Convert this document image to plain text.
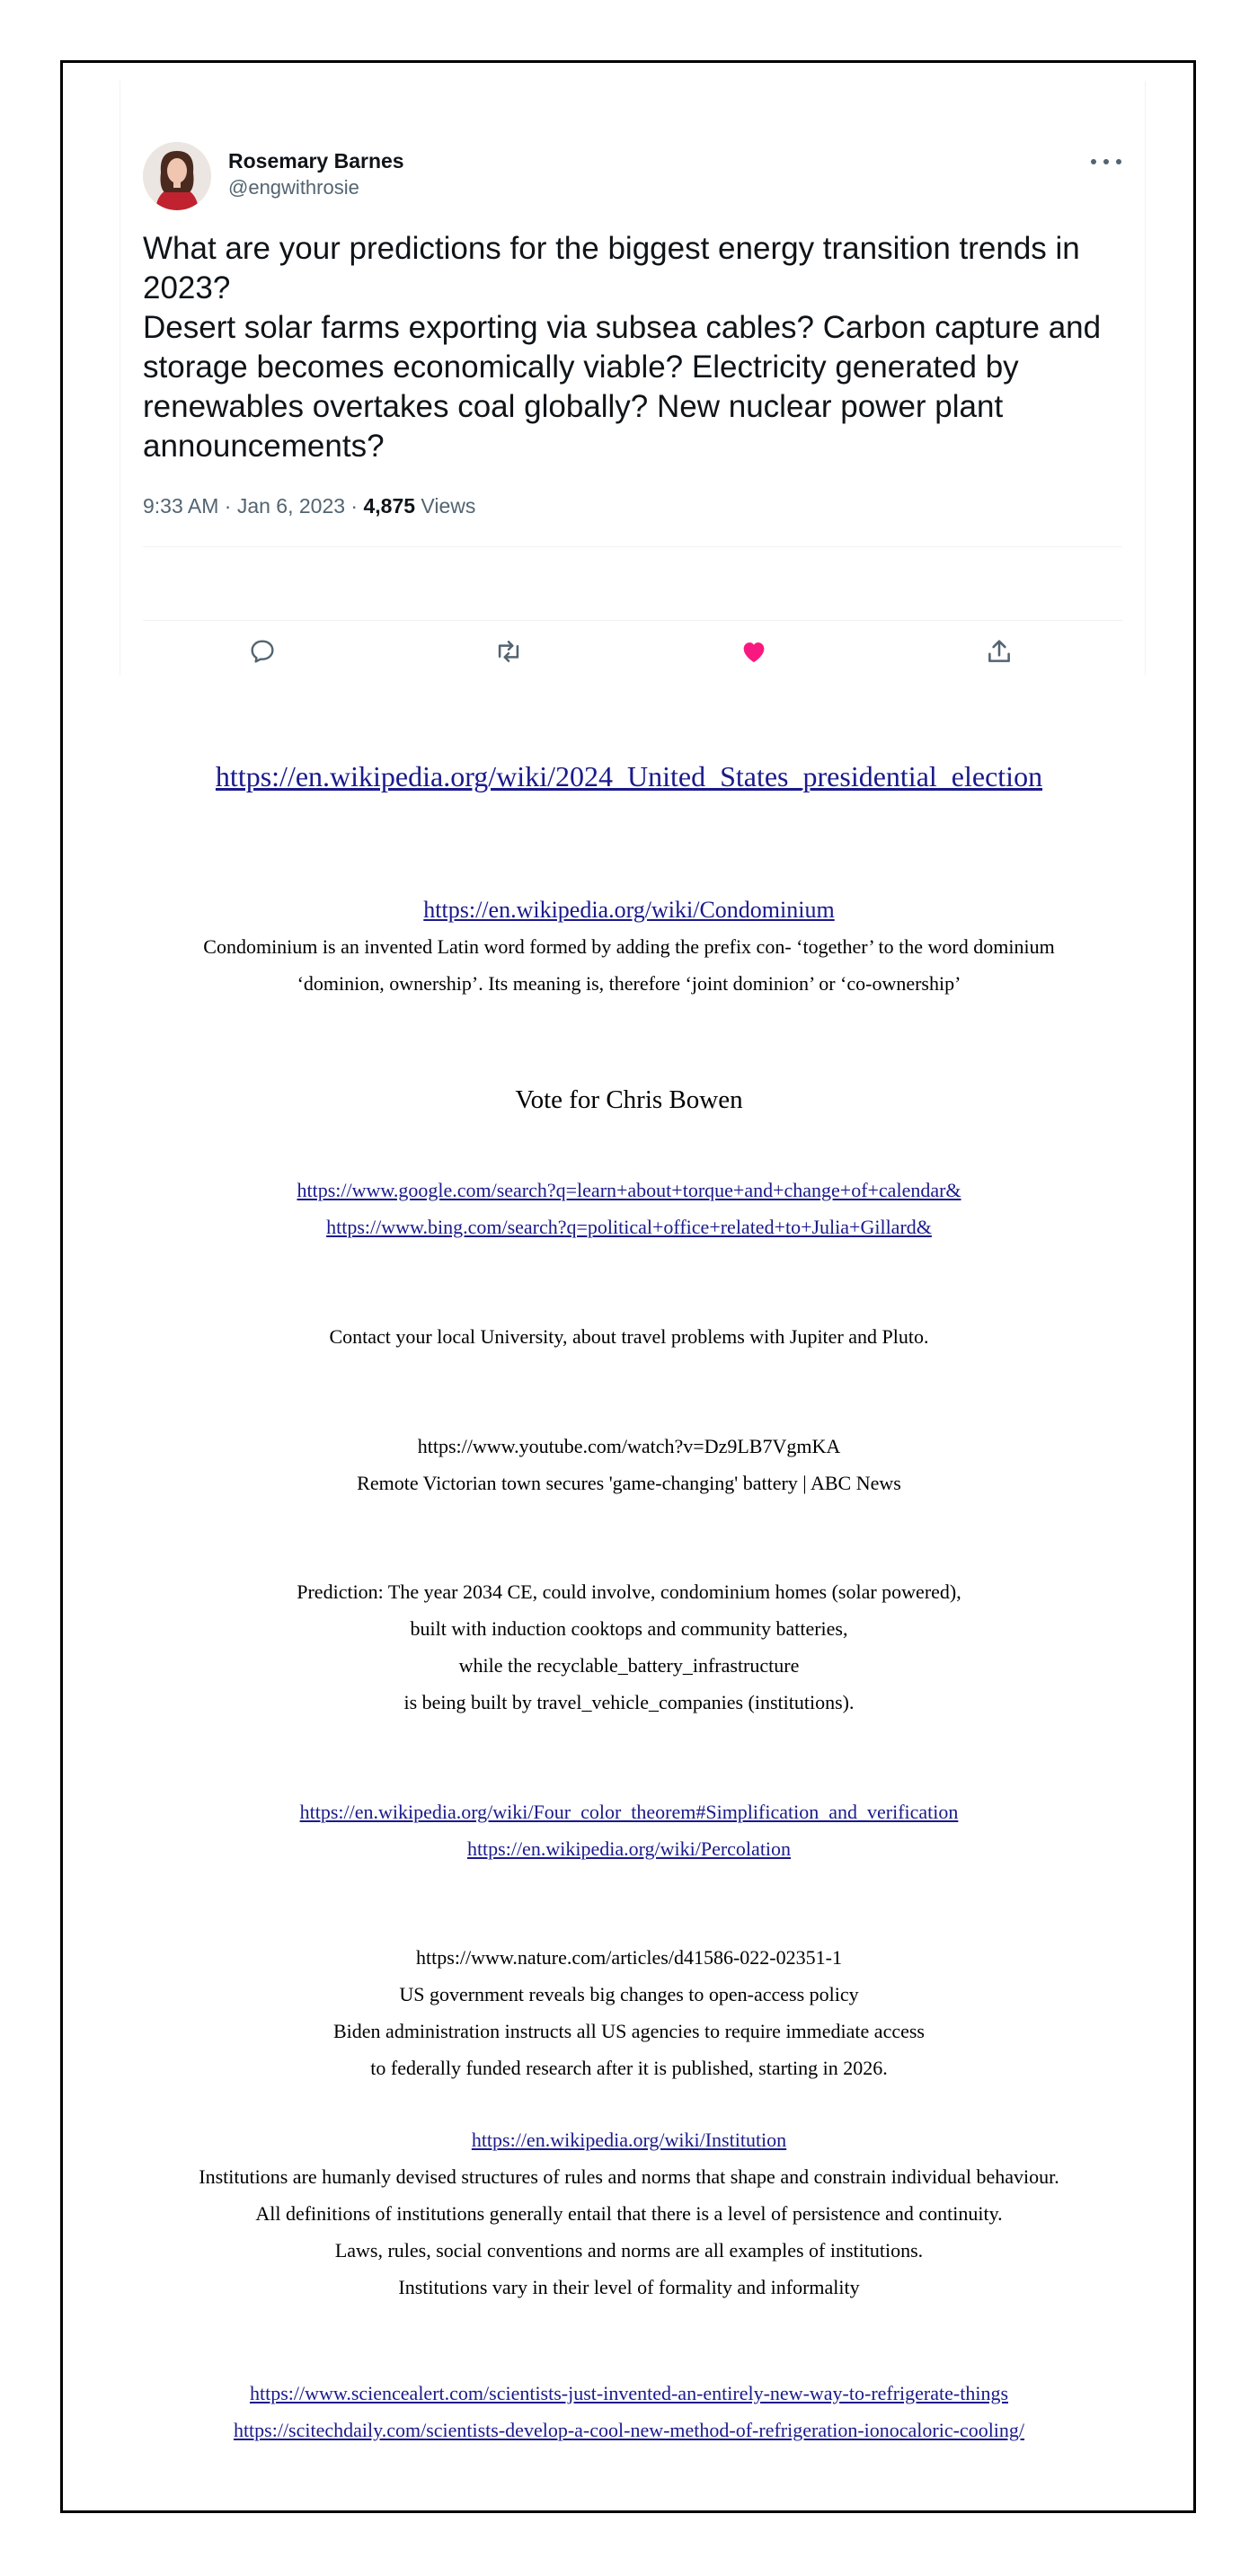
Rosemary Barnes
@engwithrosie

What are your predictions for the biggest energy transition trends in
2023?
Desert solar farms exporting via subsea cables? Carbon capture and
storage becomes economically viable? Electricity generated by
renewables overtakes coal globally? New nuclear power plant
announcements?

9:33 AM · Jan 6, 2023 · 4,875 Views
https://en.wikipedia.org/wiki/2024_United_States_presidential_election
https://en.wikipedia.org/wiki/Condominium
Condominium is an invented Latin word formed by adding the prefix con- ‘together’ to the word dominium
‘dominion, ownership’. Its meaning is, therefore ‘joint dominion’ or ‘co-ownership’
Vote for Chris Bowen
https://www.google.com/search?q=learn+about+torque+and+change+of+calendar&
https://www.bing.com/search?q=political+office+related+to+Julia+Gillard&
Contact your local University, about travel problems with Jupiter and Pluto.
https://www.youtube.com/watch?v=Dz9LB7VgmKA
Remote Victorian town secures 'game-changing' battery | ABC News
Prediction: The year 2034 CE, could involve, condominium homes (solar powered),
built with induction cooktops and community batteries,
while the recyclable_battery_infrastructure
is being built by travel_vehicle_companies (institutions).
https://en.wikipedia.org/wiki/Four_color_theorem#Simplification_and_verification
https://en.wikipedia.org/wiki/Percolation
https://www.nature.com/articles/d41586-022-02351-1
US government reveals big changes to open-access policy
Biden administration instructs all US agencies to require immediate access
to federally funded research after it is published, starting in 2026.
https://en.wikipedia.org/wiki/Institution
Institutions are humanly devised structures of rules and norms that shape and constrain individual behaviour.
All definitions of institutions generally entail that there is a level of persistence and continuity.
Laws, rules, social conventions and norms are all examples of institutions.
Institutions vary in their level of formality and informality
https://www.sciencealert.com/scientists-just-invented-an-entirely-new-way-to-refrigerate-things
https://scitechdaily.com/scientists-develop-a-cool-new-method-of-refrigeration-ionocaloric-cooling/
